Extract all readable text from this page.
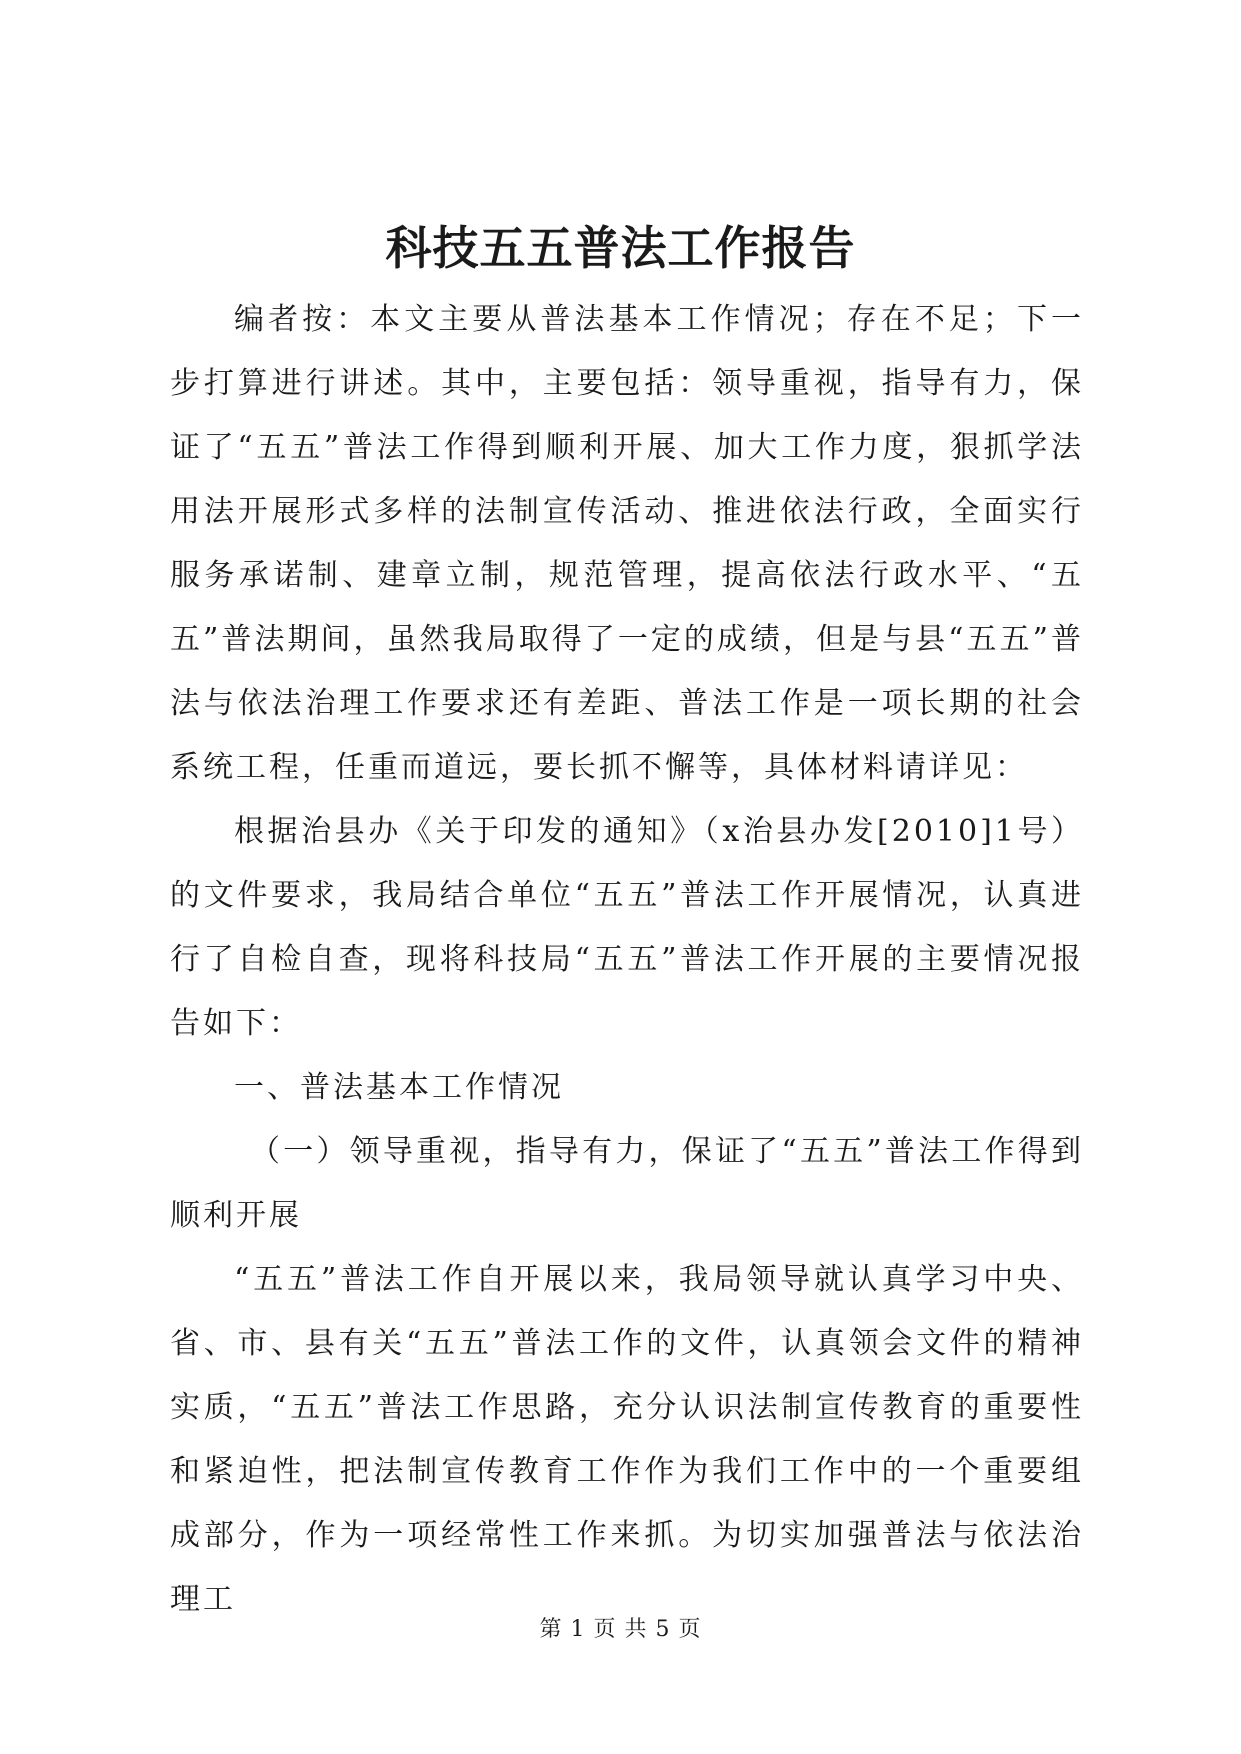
科技五五普法工作报告

编者按：本文主要从普法基本工作情况；存在不足；下一步打算进行讲述。其中，主要包括：领导重视，指导有力，保证了“五五”普法工作得到顺利开展、加大工作力度，狠抓学法用法开展形式多样的法制宣传活动、推进依法行政，全面实行服务承诺制、建章立制，规范管理，提高依法行政水平、“五五”普法期间，虽然我局取得了一定的成绩，但是与县“五五”普法与依法治理工作要求还有差距、普法工作是一项长期的社会系统工程，任重而道远，要长抓不懈等，具体材料请详见：

根据治县办《关于印发的通知》（x治县办发[2010]1号）的文件要求，我局结合单位“五五”普法工作开展情况，认真进行了自检自查，现将科技局“五五”普法工作开展的主要情况报告如下：

一、普法基本工作情况

（一）领导重视，指导有力，保证了“五五”普法工作得到顺利开展

“五五”普法工作自开展以来，我局领导就认真学习中央、省、市、县有关“五五”普法工作的文件，认真领会文件的精神实质，“五五”普法工作思路，充分认识法制宣传教育的重要性和紧迫性，把法制宣传教育工作作为我们工作中的一个重要组成部分，作为一项经常性工作来抓。为切实加强普法与依法治理工

第 1 页 共 5 页
